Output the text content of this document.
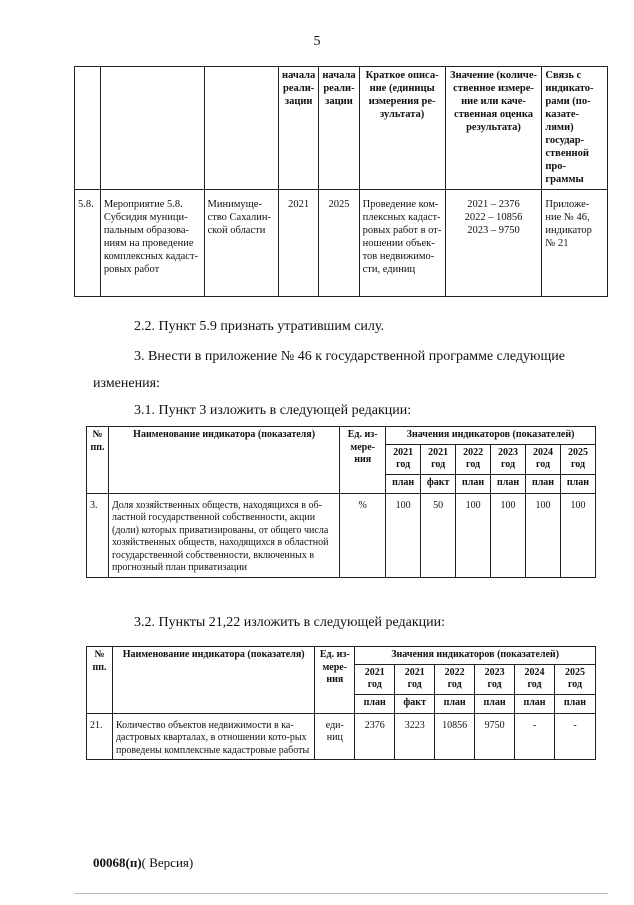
5
			начала реали-зации	начала реали-зации	Краткое описа-ние (единицы измерения ре-зультата)	Значение (количе-ственное измере-ние или каче-ственная оценка результата)	Связь с индикато-рами (по-казате-лями) государ-ственной про-граммы
5.8.	Мероприятие 5.8. Субсидия муници-пальным образова-ниям на проведение комплексных кадаст-ровых работ	Минимуще-ство Сахалин-ской области	2021	2025	Проведение ком-плексных кадаст-ровых работ в от-ношении объек-тов недвижимо-сти, единиц	2021 – 2376
2022 – 10856
2023 – 9750	Приложе-ние № 46, индикатор № 21
2.2. Пункт 5.9 признать утратившим силу.
3. Внести в приложение № 46 к государственной программе следующие
изменения:
3.1. Пункт 3 изложить в следующей редакции:
№ пп.	Наименование индикатора (показателя)	Ед. из-мере-ния	Значения индикаторов (показателей)					
			2021 год	2021 год	2022 год	2023 год	2024 год	2025 год
			план	факт	план	план	план	план
3.	Доля хозяйственных обществ, находящихся в об-ластной государственной собственности, акции (доли) которых приватизированы, от общего числа хозяйственных обществ, находящихся в областной государственной собственности, включенных в прогнозный план приватизации	%	100	50	100	100	100	100
3.2. Пункты 21,22 изложить в следующей редакции:
№ пп.	Наименование индикатора (показателя)	Ед. из-мере-ния	Значения индикаторов (показателей)					
			2021 год	2021 год	2022 год	2023 год	2024 год	2025 год
			план	факт	план	план	план	план
21.	Количество объектов недвижимости в ка-дастровых кварталах, в отношении кото-рых проведены комплексные кадастровые работы	еди-ниц	2376	3223	10856	9750	-	-
00068(п)( Версия)
